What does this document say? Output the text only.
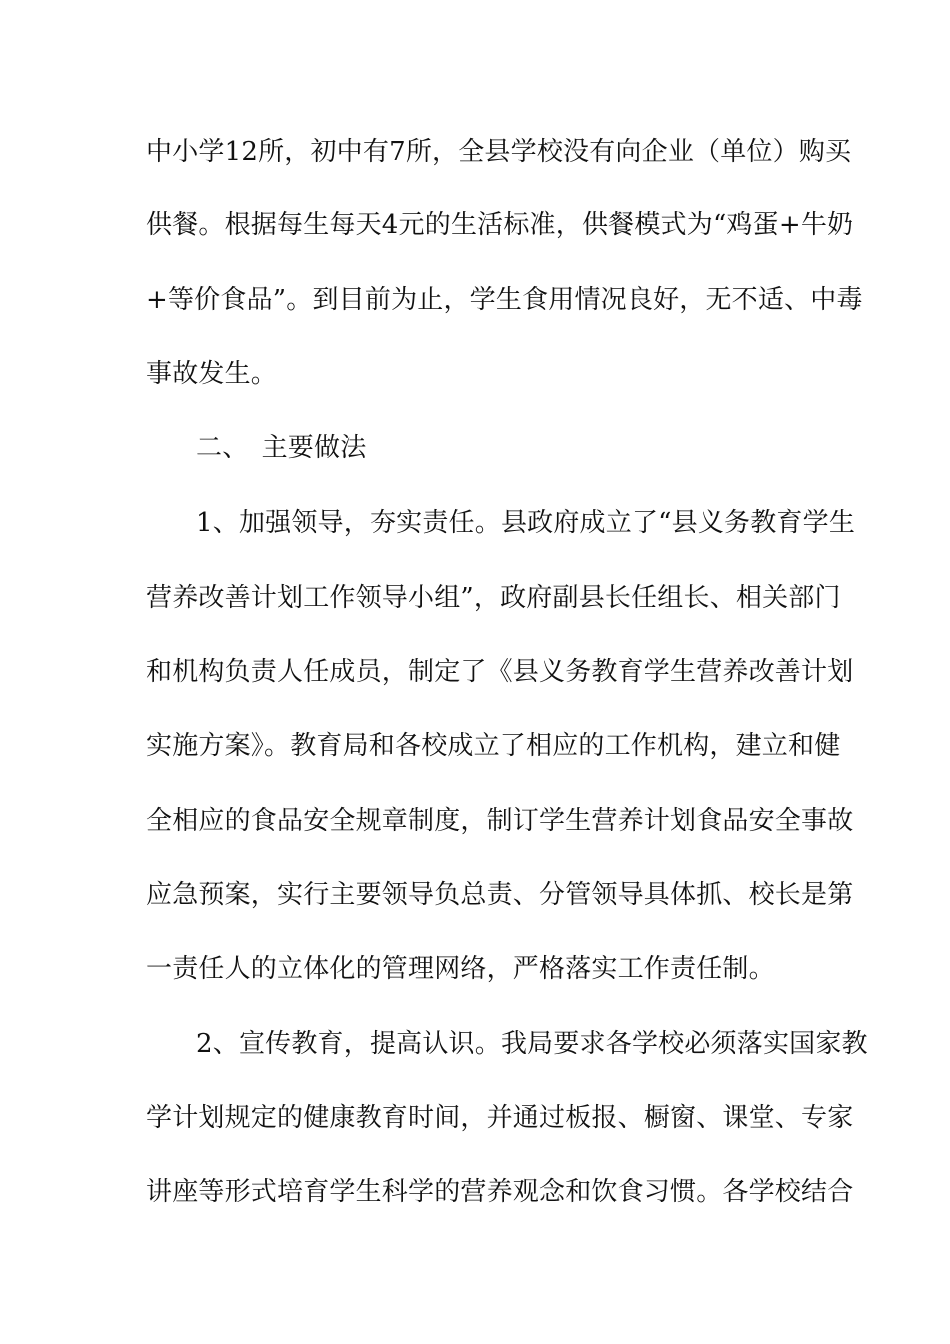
中小学12所，初中有7所，全县学校没有向企业（单位）购买
供餐。根据每生每天4元的生活标准，供餐模式为“鸡蛋+牛奶
+等价食品”。到目前为止，学生食用情况良好，无不适、中毒
事故发生。
二、　主要做法
1、加强领导，夯实责任。县政府成立了“县义务教育学生
营养改善计划工作领导小组”，政府副县长任组长、相关部门
和机构负责人任成员，制定了《县义务教育学生营养改善计划
实施方案》。教育局和各校成立了相应的工作机构，建立和健
全相应的食品安全规章制度，制订学生营养计划食品安全事故
应急预案，实行主要领导负总责、分管领导具体抓、校长是第
一责任人的立体化的管理网络，严格落实工作责任制。
2、宣传教育，提高认识。我局要求各学校必须落实国家教
学计划规定的健康教育时间，并通过板报、橱窗、课堂、专家
讲座等形式培育学生科学的营养观念和饮食习惯。各学校结合
